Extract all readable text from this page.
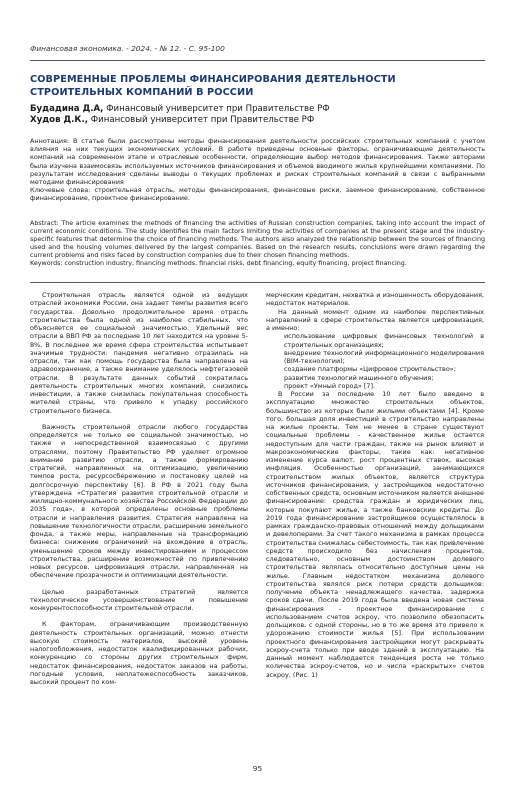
Финансовая экономика. - 2024. - № 12. - С. 95-100
СОВРЕМЕННЫЕ ПРОБЛЕМЫ ФИНАНСИРОВАНИЯ ДЕЯТЕЛЬНОСТИ СТРОИТЕЛЬНЫХ КОМПАНИЙ В РОССИИ
Будадина Д.А, Финансовый университет при Правительстве РФ
Худов Д.К., Финансовый университет при Правительстве РФ
Аннотация: В статье были рассмотрены методы финансирования деятельности российских строительных компаний с учетом влияния на них текущих экономических условий. В работе приведены основные факторы, ограничивающие деятельность компаний на современном этапе и отраслевые особенности, определяющие выбор методов финансирования. Также авторами была изучена взаимосвязь используемых источников финансирования и объемов вводимого жилья крупнейшими компаниями. По результатам исследования сделаны выводы о текущих проблемах и рисках строительных компаний в связи с выбранными методами финансирования
Ключевые слова: строительная отрасль, методы финансирования, финансовые риски, заемное финансирование, собственное финансирование, проектное финансирование.
Abstract: The article examines the methods of financing the activities of Russian construction companies, taking into account the impact of current economic conditions. The study identifies the main factors limiting the activities of companies at the present stage and the industry-specific features that determine the choice of financing methods. The authors also analyzed the relationship between the sources of financing used and the housing volumes delivered by the largest companies. Based on the research results, conclusions were drawn regarding the current problems and risks faced by construction companies due to their chosen financing methods.
Keywords: construction industry, financing methods, financial risks, debt financing, equity financing, project financing.

Строительная отрасль является одной из ведущих отраслей экономики России, она задает темпы развития всего государства. Довольно продолжительное время отрасль строительства была одной из наиболее стабильных, что объясняется ее социальной значимостью. Удельный вес отрасли в ВВП РФ за последние 10 лет находится на уровне 5-8%. В последнее же время сфера строительства испытывает значимые трудности: пандемия негативно отразилась на отрасли, так как помощь государства была направлена на здравоохранение, а также внимание уделялось нефтегазовой отрасли. В результате данных событий сократилась деятельность строительных многих компаний, снизились инвестиции, а также снизилась покупательная способность жителей страны, что привело к упадку российского строительного бизнеса.

Важность строительной отрасли любого государства определяется не только ее социальной значимостью, но также и непосредственной взаимосвязью с другими отраслями, поэтому Правительство РФ уделяет огромное внимание развитию отрасли, а также формированию стратегий, направленных на оптимизацию, увеличению темпов роста, ресурсосбережению и постановку целей на долгосрочную перспективу [6]. В РФ в 2021 году была утверждена «Стратегия развития строительной отрасли и жилищно-коммунального хозяйства Российской Федерации до 2035 года», в которой определены основные проблемы отрасли и направления развития. Стратегия направлена на повышение технологичности отрасли, расширение земельного фонда, а также меры, направленные на трансформацию бизнеса: снижение ограничений на вхождение в отрасль, уменьшение сроков между инвестированием и процессом строительства, расширение возможностей по привлечению новых ресурсов, цифровизация отрасли, направленная на обеспечение прозрачности и оптимизации деятельности.

Целью разработанных стратегий является технологическое усовершенствование и повышение конкурентоспособности строительной отрасли.

К факторам, ограничивающим производственную деятельность строительных организаций, можно отнести высокую стоимость материалов, высокий уровень налогообложения, недостаток квалифицированных рабочих, конкуренцию со стороны других строительных фирм, недостаток финансирования, недостаток заказов на работы, погодные условия, неплатежеспособность заказчиков, высокий процент по ком-

мерческим кредитам, нехватка и изношенность оборудования, недостаток материалов.

На данный момент одним из наиболее перспективных направлений в сфере строительства является цифровизация, а именно:

использование цифровых финансовых технологий в строительных организациях;

внедрение технологий информационного моделирования (BIM-технологии);

создание платформы «Цифровое строительство»;

развитие технологий машинного обучения;

проект «Умный город» [7].

В России за последние 10 лет было введено в эксплуатацию множество строительных объектов, большинство из которых были жилыми объектами [4]. Кроме того, большая доля инвестиций в строительство направлены на жилые проекты. Тем не менее в стране существуют социальные проблемы - качественное жилье остается недоступным для части граждан, также на рынок влияют и макроэкономические факторы, такие как: негативное изменение курса валют, рост процентных ставок, высокая инфляция. Особенностью организаций, занимающихся строительством жилых объектов, является структура источников финансирования, у застройщиков недостаточно собственных средств, основным источником является внешнее финансирование: средства граждан и юридических лиц, которые покупают жилье, а также банковские кредиты. До 2019 года финансирование застройщиков осуществлялось в рамках гражданско-правовых отношений между дольщиками и девелоперами. За счет такого механизма в рамках процесса строительства снижалась себестоимость, так как привлечение средств происходило без начисления процентов, следовательно, основным достоинством долевого строительства являлась относительно доступные цены на жилье. Главным недостатком механизма долевого строительства являлся риск потери средств дольщиков: получение объекта ненадлежащего качества, задержка сроков сдачи. После 2019 года была введена новая система финансирования - проектное финансирование с использованием счетов эскроу, что позволило обезопасить дольщиков, с одной стороны, но в то же время это привело к удорожанию стоимости жилья [5]. При использовании проектного финансирования застройщики могут раскрывать эскроу-счета только при вводе зданий в эксплуатацию. На данный момент наблюдается тенденция роста не только количества эскроу-счетов, но и числа «раскрытых» счетов эскроу. (Рис. 1)

95
